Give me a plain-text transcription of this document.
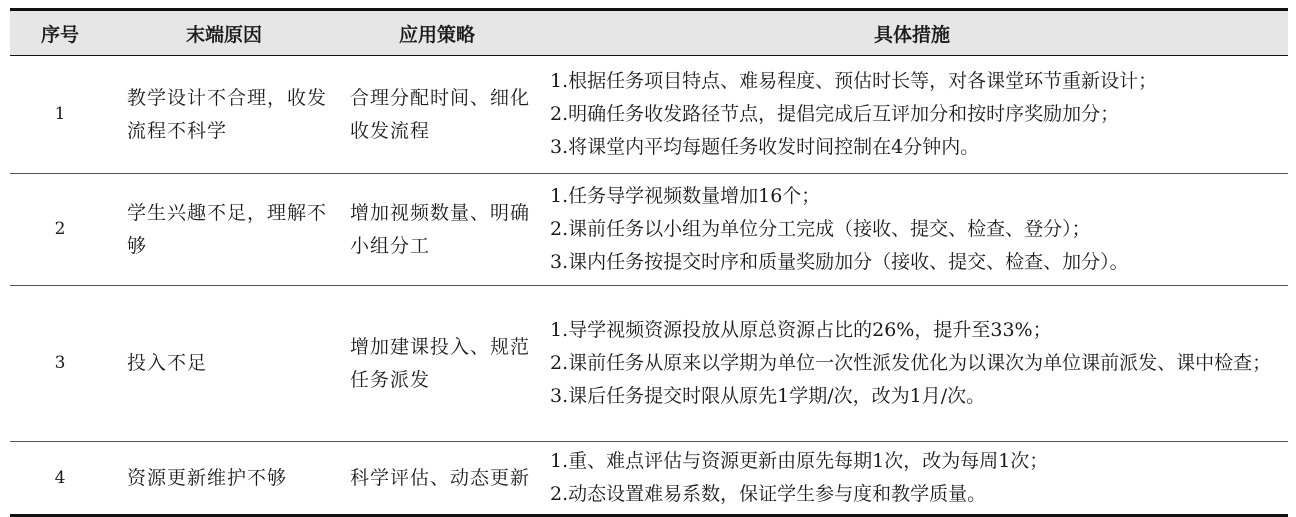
序号	末端原因	应用策略	具体措施
1	教学设计不合理，收发流程不科学	合理分配时间、细化收发流程	1.根据任务项目特点、难易程度、预估时长等，对各课堂环节重新设计；
2.明确任务收发路径节点，提倡完成后互评加分和按时序奖励加分；
3.将课堂内平均每题任务收发时间控制在4分钟内。

2	学生兴趣不足，理解不够	增加视频数量、明确小组分工	1.任务导学视频数量增加16个；
2.课前任务以小组为单位分工完成（接收、提交、检查、登分）；
3.课内任务按提交时序和质量奖励加分（接收、提交、检查、加分）。

3	投入不足	增加建课投入、规范任务派发	1.导学视频资源投放从原总资源占比的26%，提升至33%；
2.课前任务从原来以学期为单位一次性派发优化为以课次为单位课前派发、课中检查；
3.课后任务提交时限从原先1学期/次，改为1月/次。

4	资源更新维护不够	科学评估、动态更新	1.重、难点评估与资源更新由原先每期1次，改为每周1次；
2.动态设置难易系数，保证学生参与度和教学质量。
